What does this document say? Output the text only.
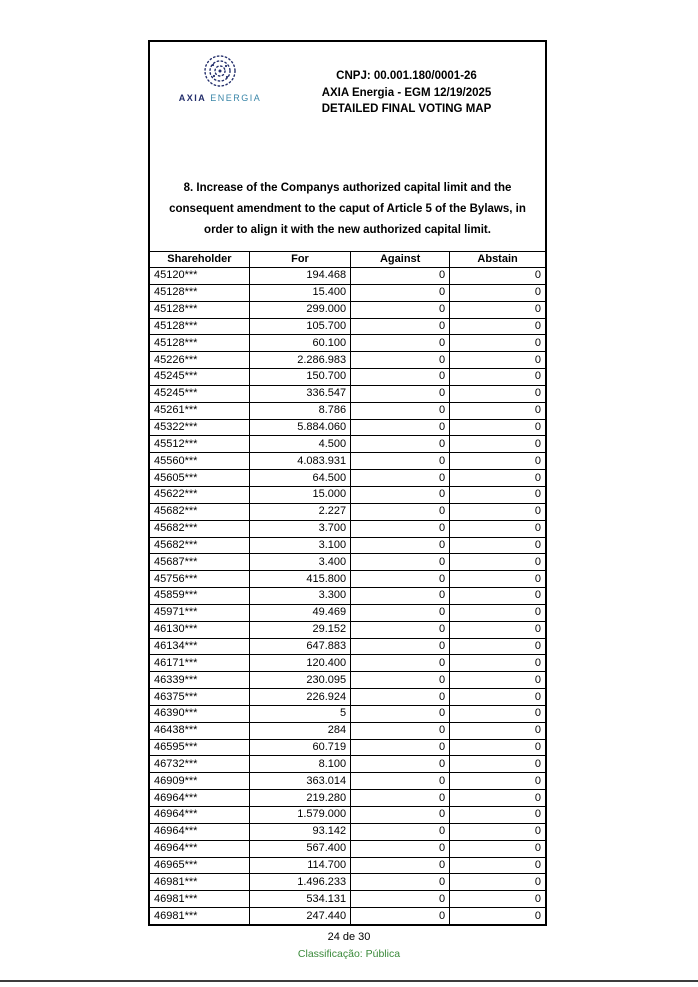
AXIA ENERGIA
CNPJ: 00.001.180/0001-26
AXIA Energia - EGM 12/19/2025
DETAILED FINAL VOTING MAP

8. Increase of the Companys authorized capital limit and the consequent amendment to the caput of Article 5 of the Bylaws, in order to align it with the new authorized capital limit.

Shareholder	For	Against	Abstain
45120***	194.468	0	0
45128***	15.400	0	0
45128***	299.000	0	0
45128***	105.700	0	0
45128***	60.100	0	0
45226***	2.286.983	0	0
45245***	150.700	0	0
45245***	336.547	0	0
45261***	8.786	0	0
45322***	5.884.060	0	0
45512***	4.500	0	0
45560***	4.083.931	0	0
45605***	64.500	0	0
45622***	15.000	0	0
45682***	2.227	0	0
45682***	3.700	0	0
45682***	3.100	0	0
45687***	3.400	0	0
45756***	415.800	0	0
45859***	3.300	0	0
45971***	49.469	0	0
46130***	29.152	0	0
46134***	647.883	0	0
46171***	120.400	0	0
46339***	230.095	0	0
46375***	226.924	0	0
46390***	5	0	0
46438***	284	0	0
46595***	60.719	0	0
46732***	8.100	0	0
46909***	363.014	0	0
46964***	219.280	0	0
46964***	1.579.000	0	0
46964***	93.142	0	0
46964***	567.400	0	0
46965***	114.700	0	0
46981***	1.496.233	0	0
46981***	534.131	0	0
46981***	247.440	0	0
24 de 30
Classificação: Pública
